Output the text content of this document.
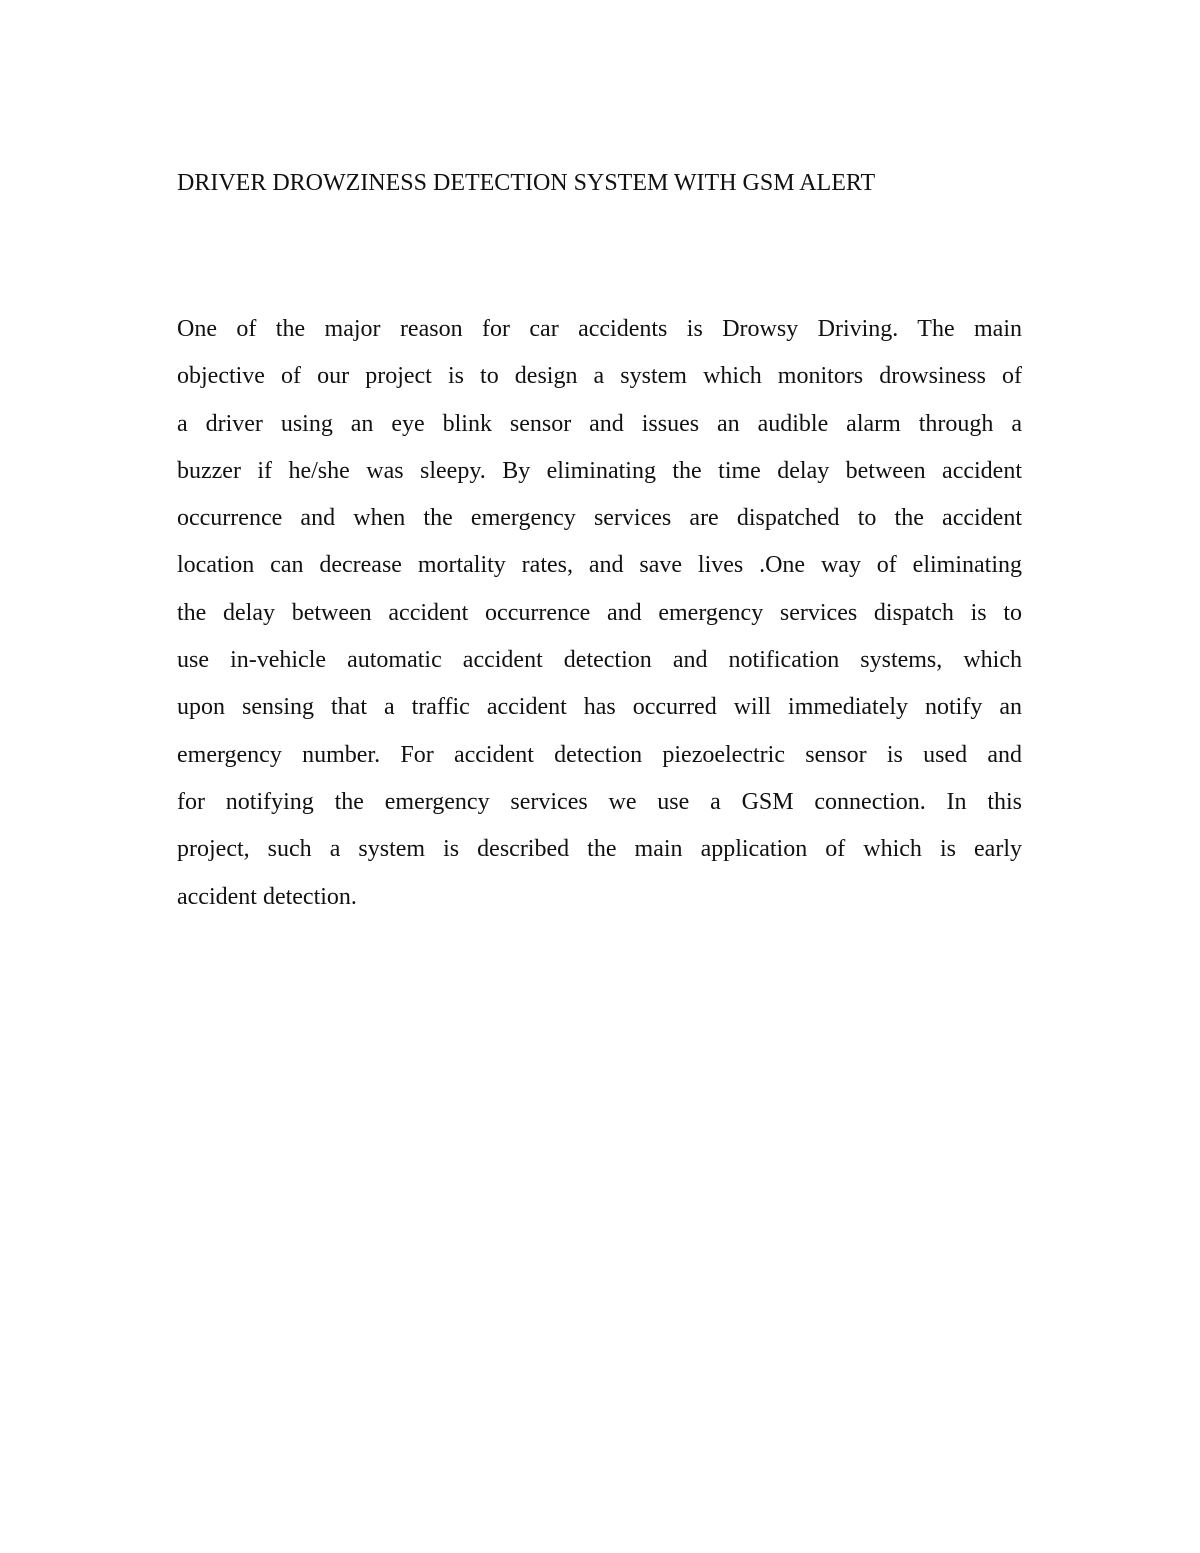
DRIVER DROWZINESS DETECTION SYSTEM WITH GSM ALERT

One of the major reason for car accidents is Drowsy Driving. The main
objective of our project is to design a system which monitors drowsiness of
a driver using an eye blink sensor and issues an audible alarm through a
buzzer if he/she was sleepy. By eliminating the time delay between accident
occurrence and when the emergency services are dispatched to the accident
location can decrease mortality rates, and save lives .One way of eliminating
the delay between accident occurrence and emergency services dispatch is to
use in-vehicle automatic accident detection and notification systems, which
upon sensing that a traffic accident has occurred will immediately notify an
emergency number. For accident detection piezoelectric sensor is used and
for notifying the emergency services we use a GSM connection. In this
project, such a system is described the main application of which is early
accident detection.
